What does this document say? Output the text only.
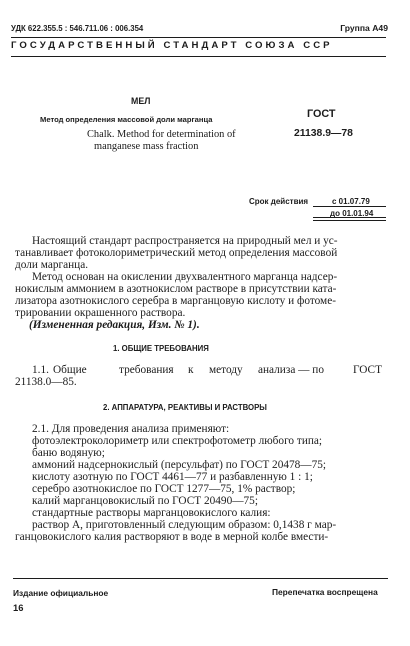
УДК 622.355.5 : 546.711.06 : 006.354	Группа А49
ГОСУДАРСТВЕННЫЙ СТАНДАРТ СОЮЗА ССР
МЕЛ
Метод определения массовой доли марганца
Chalk. Method for determination of
manganese mass fraction
ГОСТ
21138.9—78
Срок действия	с 01.07.79
до 01.01.94
Настоящий стандарт распространяется на природный мел и ус-
танавливает фотоколориметрический метод определения массовой
доли марганца.
Метод основан на окислении двухвалентного марганца надсер-
нокислым аммонием в азотнокислом растворе в присутствии ката-
лизатора азотнокислого серебра в марганцовую кислоту и фотоме-
трировании окрашенного раствора.
(Измененная редакция, Изм. № 1).
1. ОБЩИЕ ТРЕБОВАНИЯ
1.1. Общие	требования к методу анализа — по	ГОСТ
21138.0—85.
2. АППАРАТУРА, РЕАКТИВЫ И РАСТВОРЫ
2.1. Для проведения анализа применяют:
фотоэлектроколориметр или спектрофотометр любого типа;
баню водяную;
аммоний надсернокислый (персульфат) по ГОСТ 20478—75;
кислоту азотную по ГОСТ 4461—77 и разбавленную 1 : 1;
серебро азотнокислое по ГОСТ 1277—75, 1% раствор;
калий марганцовокислый по ГОСТ 20490—75;
стандартные растворы марганцовокислого калия:
раствор А, приготовленный следующим образом: 0,1438 г мар-
ганцовокислого калия растворяют в воде в мерной колбе вмести-
Издание официальное	Перепечатка воспрещена
16
